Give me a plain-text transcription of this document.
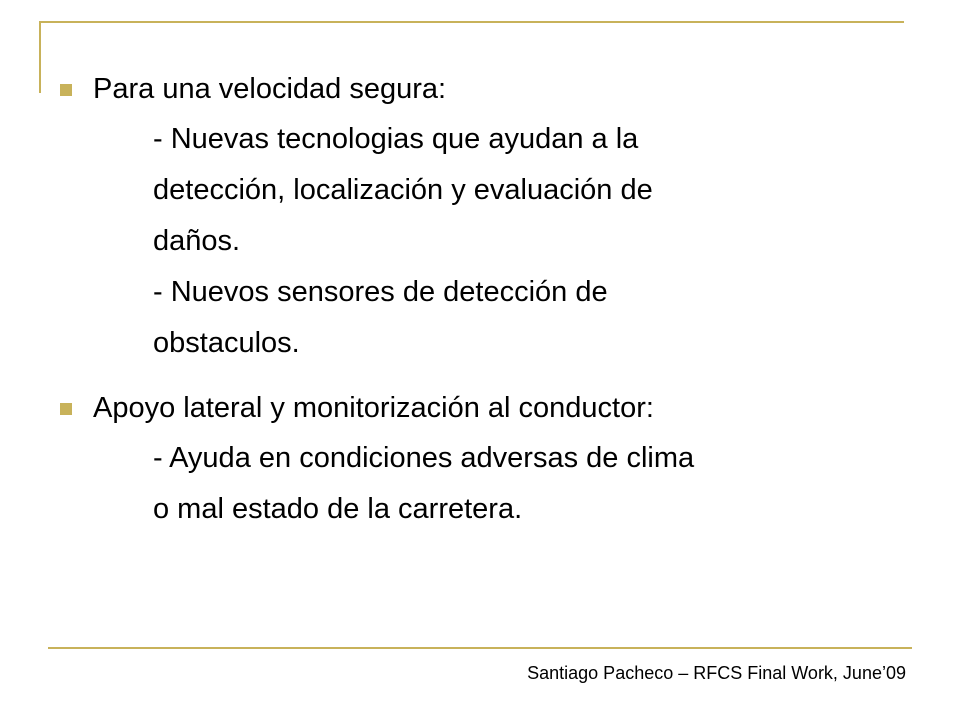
Para una velocidad segura:
- Nuevas tecnologias que ayudan a la
detección, localización y evaluación de
daños.
- Nuevos sensores de detección de
obstaculos.
Apoyo lateral y monitorización al conductor:
- Ayuda en condiciones adversas de clima
o mal estado de la carretera.
Santiago Pacheco – RFCS Final Work, June’09
